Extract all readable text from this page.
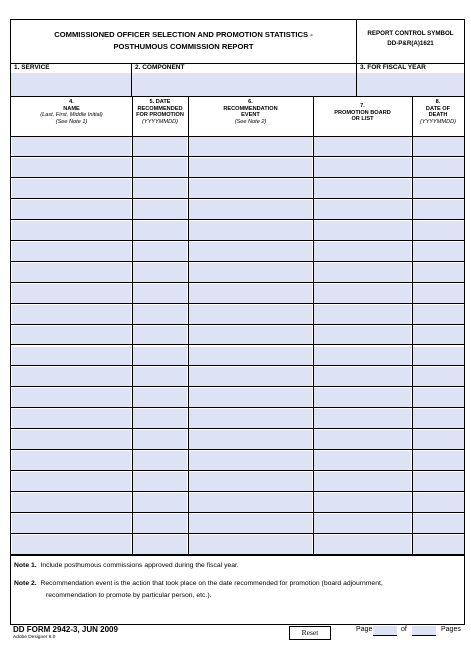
COMMISSIONED OFFICER SELECTION AND PROMOTION STATISTICS -
POSTHUMOUS COMMISSION REPORT
REPORT CONTROL SYMBOL
DD-P&R(A)1621
1. SERVICE	2. COMPONENT	3. FOR FISCAL YEAR
4.
NAME
(Last, First, Middle Initial)
(See Note 1)
5. DATE
RECOMMENDED
FOR PROMOTION
(YYYYMMDD)
6.
RECOMMENDATION
EVENT
(See Note 2)
7.
PROMOTION BOARD
OR LIST
8.
DATE OF
DEATH
(YYYYMMDD)
Note 1. Include posthumous commissions approved during the fiscal year.
Note 2. Recommendation event is the action that took place on the date recommended for promotion (board adjournment,
recommendation to promote by particular person, etc.).
DD FORM 2942-3, JUN 2009
Adobe Designer 8.0
Reset	Page	of	Pages
